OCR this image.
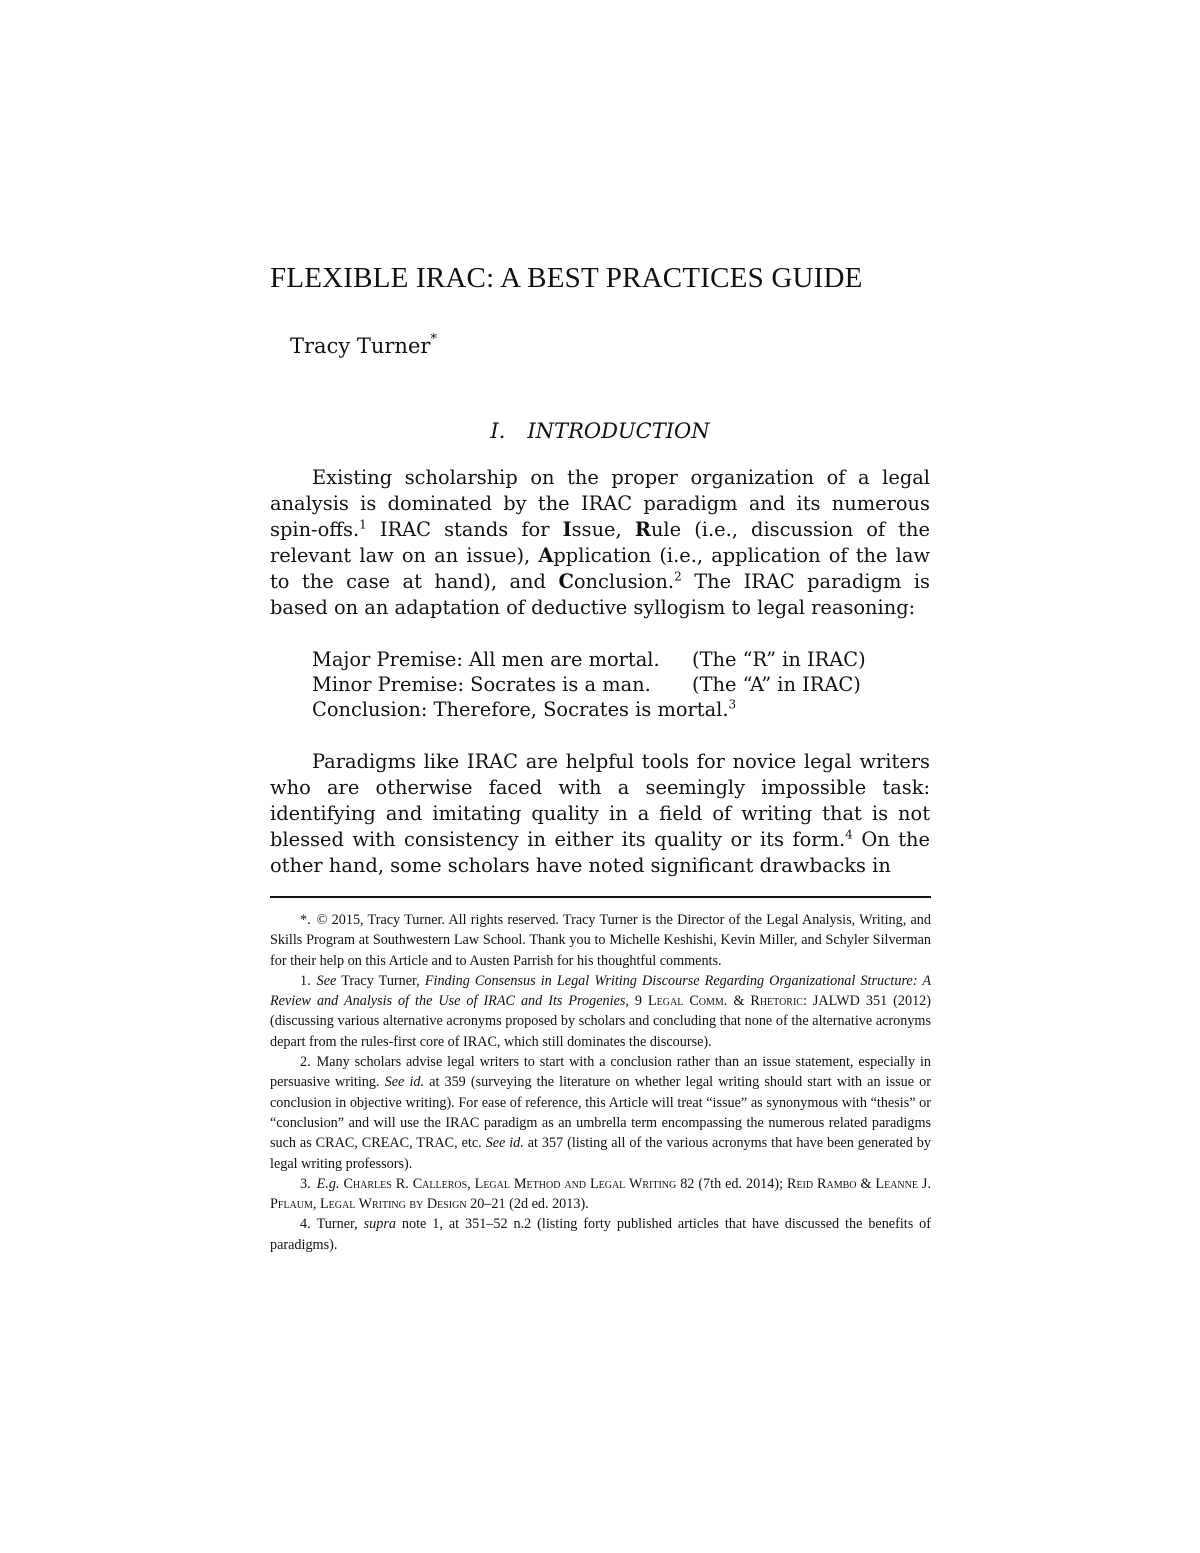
FLEXIBLE IRAC: A BEST PRACTICES GUIDE
Tracy Turner*
I. INTRODUCTION

Existing scholarship on the proper organization of a legal analysis is dominated by the IRAC paradigm and its numerous spin-offs.$^1$ IRAC stands for Issue, Rule (i.e., discussion of the relevant law on an issue), Application (i.e., application of the law to the case at hand), and Conclusion.$^2$ The IRAC paradigm is based on an adaptation of deductive syllogism to legal reasoning:

Major Premise: All men are mortal. (The “R” in IRAC)
Minor Premise: Socrates is a man. (The “A” in IRAC)
Conclusion: Therefore, Socrates is mortal.$^3$

Paradigms like IRAC are helpful tools for novice legal writers who are otherwise faced with a seemingly impossible task: identifying and imitating quality in a field of writing that is not blessed with consistency in either its quality or its form.$^4$ On the other hand, some scholars have noted significant drawbacks in

*. © 2015, Tracy Turner. All rights reserved. Tracy Turner is the Director of the Legal Analysis, Writing, and Skills Program at Southwestern Law School. Thank you to Michelle Keshishi, Kevin Miller, and Schyler Silverman for their help on this Article and to Austen Parrish for his thoughtful comments.

1. See Tracy Turner, Finding Consensus in Legal Writing Discourse Regarding Organizational Structure: A Review and Analysis of the Use of IRAC and Its Progenies, 9 Legal Comm. & Rhetoric: JALWD 351 (2012) (discussing various alternative acronyms proposed by scholars and concluding that none of the alternative acronyms depart from the rules-first core of IRAC, which still dominates the discourse).

2. Many scholars advise legal writers to start with a conclusion rather than an issue statement, especially in persuasive writing. See id. at 359 (surveying the literature on whether legal writing should start with an issue or conclusion in objective writing). For ease of reference, this Article will treat “issue” as synonymous with “thesis” or “conclusion” and will use the IRAC paradigm as an umbrella term encompassing the numerous related paradigms such as CRAC, CREAC, TRAC, etc. See id. at 357 (listing all of the various acronyms that have been generated by legal writing professors).

3. E.g. Charles R. Calleros, Legal Method and Legal Writing 82 (7th ed. 2014); Reid Rambo & Leanne J. Pflaum, Legal Writing by Design 20–21 (2d ed. 2013).

4. Turner, supra note 1, at 351–52 n.2 (listing forty published articles that have discussed the benefits of paradigms).
